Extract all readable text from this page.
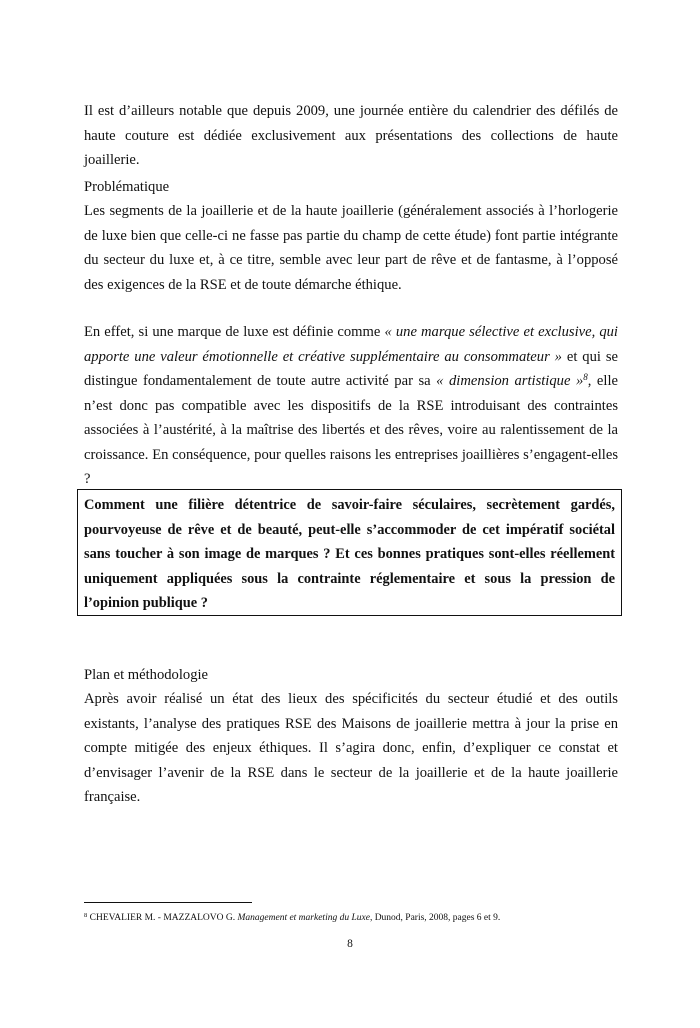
Il est d’ailleurs notable que depuis 2009, une journée entière du calendrier des défilés de haute couture est dédiée exclusivement aux présentations des collections de haute joaillerie.

Problématique

Les segments de la joaillerie et de la haute joaillerie (généralement associés à l’horlogerie de luxe bien que celle-ci ne fasse pas partie du champ de cette étude) font partie intégrante du secteur du luxe et, à ce titre, semble avec leur part de rêve et de fantasme, à l’opposé des exigences de la RSE et de toute démarche éthique.

En effet, si une marque de luxe est définie comme « une marque sélective et exclusive, qui apporte une valeur émotionnelle et créative supplémentaire au consommateur » et qui se distingue fondamentalement de toute autre activité par sa « dimension artistique »$^8$, elle n’est donc pas compatible avec les dispositifs de la RSE introduisant des contraintes associées à l’austérité, à la maîtrise des libertés et des rêves, voire au ralentissement de la croissance. En conséquence, pour quelles raisons les entreprises joaillières s’engagent-elles ?

Comment une filière détentrice de savoir-faire séculaires, secrètement gardés, pourvoyeuse de rêve et de beauté, peut-elle s’accommoder de cet impératif sociétal sans toucher à son image de marques ? Et ces bonnes pratiques sont-elles réellement uniquement appliquées sous la contrainte réglementaire et sous la pression de l’opinion publique ?

Plan et méthodologie

Après avoir réalisé un état des lieux des spécificités du secteur étudié et des outils existants, l’analyse des pratiques RSE des Maisons de joaillerie mettra à jour la prise en compte mitigée des enjeux éthiques. Il s’agira donc, enfin, d’expliquer ce constat et d’envisager l’avenir de la RSE dans le secteur de la joaillerie et de la haute joaillerie française.

$^8$ CHEVALIER M. - MAZZALOVO G. Management et marketing du Luxe, Dunod, Paris, 2008, pages 6 et 9.
8
